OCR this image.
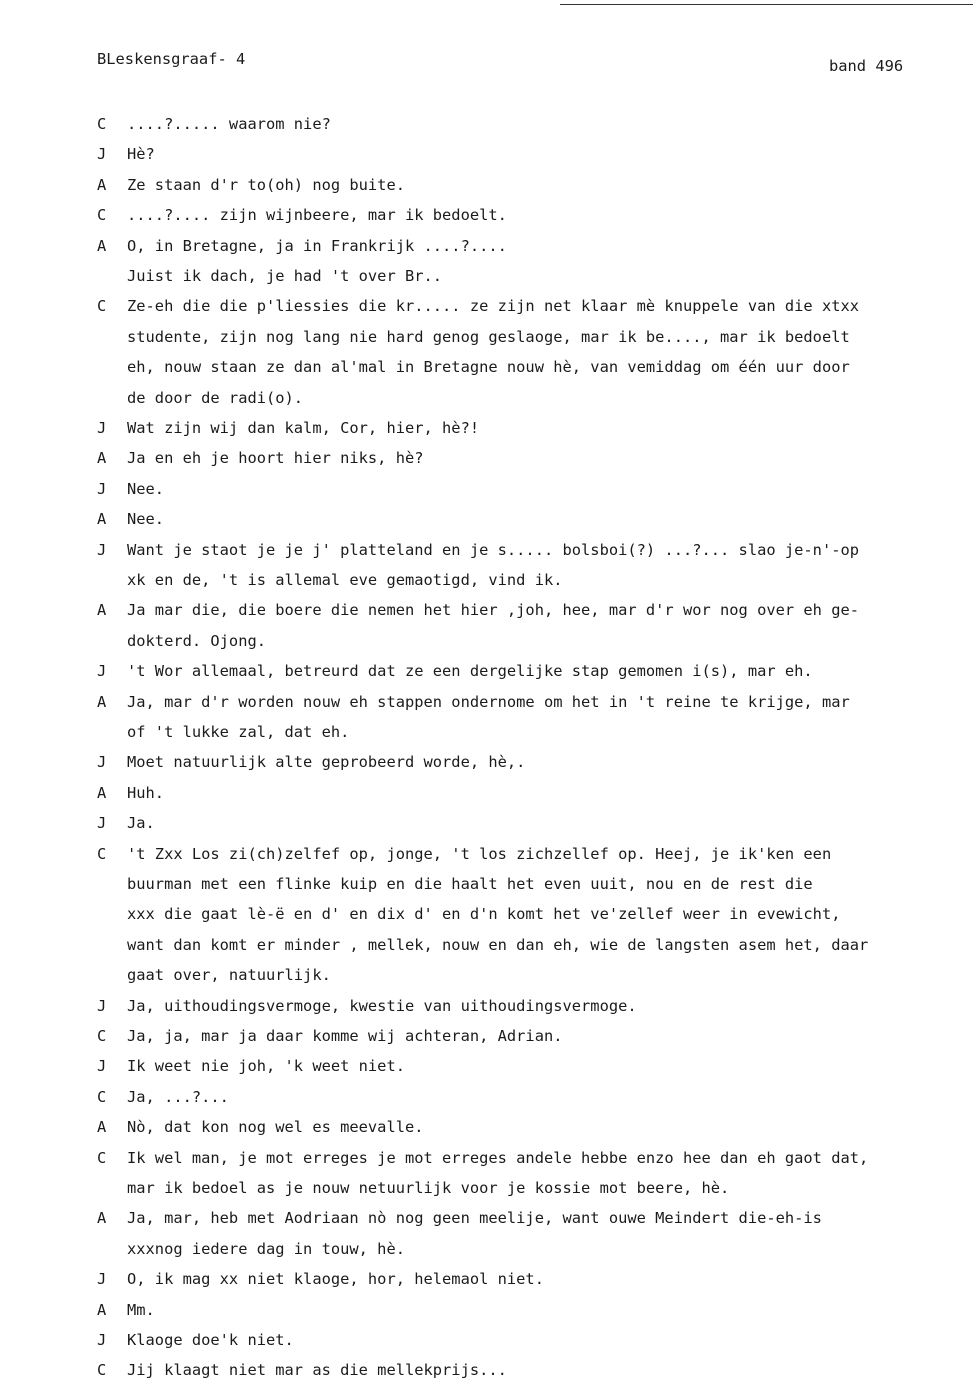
BLeskensgraaf- 4	band 496
C ....?..... waarom nie?
J Hè?
A Ze staan d'r to(oh) nog buite.
C ....?.... zijn wijnbeere, mar ik bedoelt.
A O, in Bretagne, ja in Frankrijk ....?....
Juist ik dach, je had 't over Br..
C Ze-eh die die p'liessies die kr..... ze zijn net klaar mè knuppele van die xtxx
studente, zijn nog lang nie hard genog geslaoge, mar ik be...., mar ik bedoelt
eh, nouw staan ze dan al'mal in Bretagne nouw hè, van vemiddag om één uur door
de door de radi(o).
J Wat zijn wij dan kalm, Cor, hier, hè?!
A Ja en eh je hoort hier niks, hè?
J Nee.
A Nee.
J Want je staot je je j' platteland en je s..... bolsboi(?) ...?... slao je-n'-op
xk en de, 't is allemal eve gemaotigd, vind ik.
A Ja mar die, die boere die nemen het hier ,joh, hee, mar d'r wor nog over eh ge-
dokterd. Ojong.
J 't Wor allemaal, betreurd dat ze een dergelijke stap gemomen i(s), mar eh.
A Ja, mar d'r worden nouw eh stappen ondernome om het in 't reine te krijge, mar
of 't lukke zal, dat eh.
J Moet natuurlijk alte geprobeerd worde, hè,.
A Huh.
J Ja.
C 't Zxx Los zi(ch)zelfef op, jonge, 't los zichzellef op. Heej, je ik'ken een
buurman met een flinke kuip en die haalt het even uuit, nou en de rest die
xxx die gaat lè-ë en d' en dix d' en d'n komt het ve'zellef weer in evewicht,
want dan komt er minder , mellek, nouw en dan eh, wie de langsten asem het, daar
gaat over, natuurlijk.
J Ja, uithoudingsvermoge, kwestie van uithoudingsvermoge.
C Ja, ja, mar ja daar komme wij achteran, Adrian.
J Ik weet nie joh, 'k weet niet.
C Ja, ...?...
A Nò, dat kon nog wel es meevalle.
C Ik wel man, je mot erreges je mot erreges andele hebbe enzo hee dan eh gaot dat,
mar ik bedoel as je nouw netuurlijk voor je kossie mot beere, hè.
A Ja, mar, heb met Aodriaan nò nog geen meelije, want ouwe Meindert die-eh-is
xxxnog iedere dag in touw, hè.
J O, ik mag xx niet klaoge, hor, helemaol niet.
A Mm.
J Klaoge doe'k niet.
C Jij klaagt niet mar as die mellekprijs...
